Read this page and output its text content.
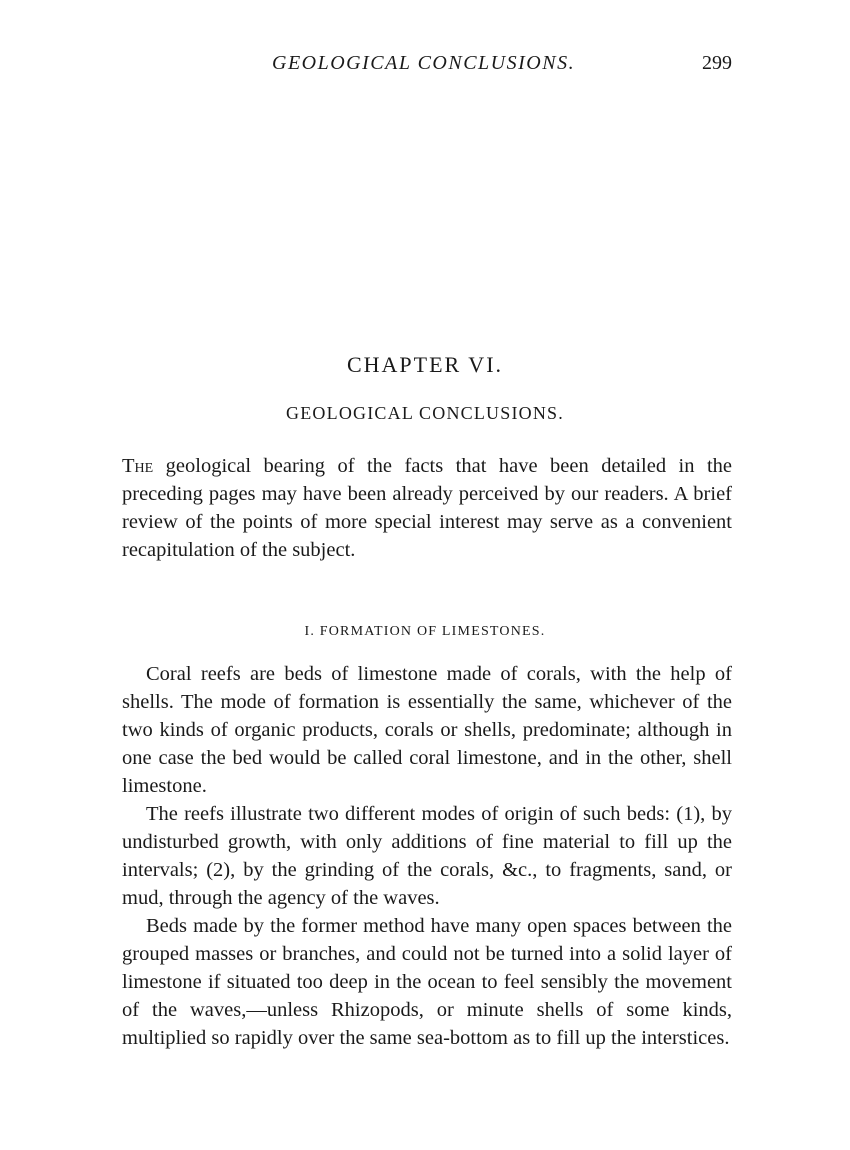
GEOLOGICAL CONCLUSIONS.	299
CHAPTER VI.
GEOLOGICAL CONCLUSIONS.
The geological bearing of the facts that have been detailed in the preceding pages may have been already perceived by our readers. A brief review of the points of more special interest may serve as a convenient recapitulation of the subject.
I. FORMATION OF LIMESTONES.

Coral reefs are beds of limestone made of corals, with the help of shells. The mode of formation is essentially the same, whichever of the two kinds of organic products, corals or shells, predominate; although in one case the bed would be called coral limestone, and in the other, shell limestone.

The reefs illustrate two different modes of origin of such beds: (1), by undisturbed growth, with only additions of fine material to fill up the intervals; (2), by the grinding of the corals, &c., to fragments, sand, or mud, through the agency of the waves.

Beds made by the former method have many open spaces between the grouped masses or branches, and could not be turned into a solid layer of limestone if situated too deep in the ocean to feel sensibly the movement of the waves,—unless Rhizopods, or minute shells of some kinds, multiplied so rapidly over the same sea-bottom as to fill up the interstices.
